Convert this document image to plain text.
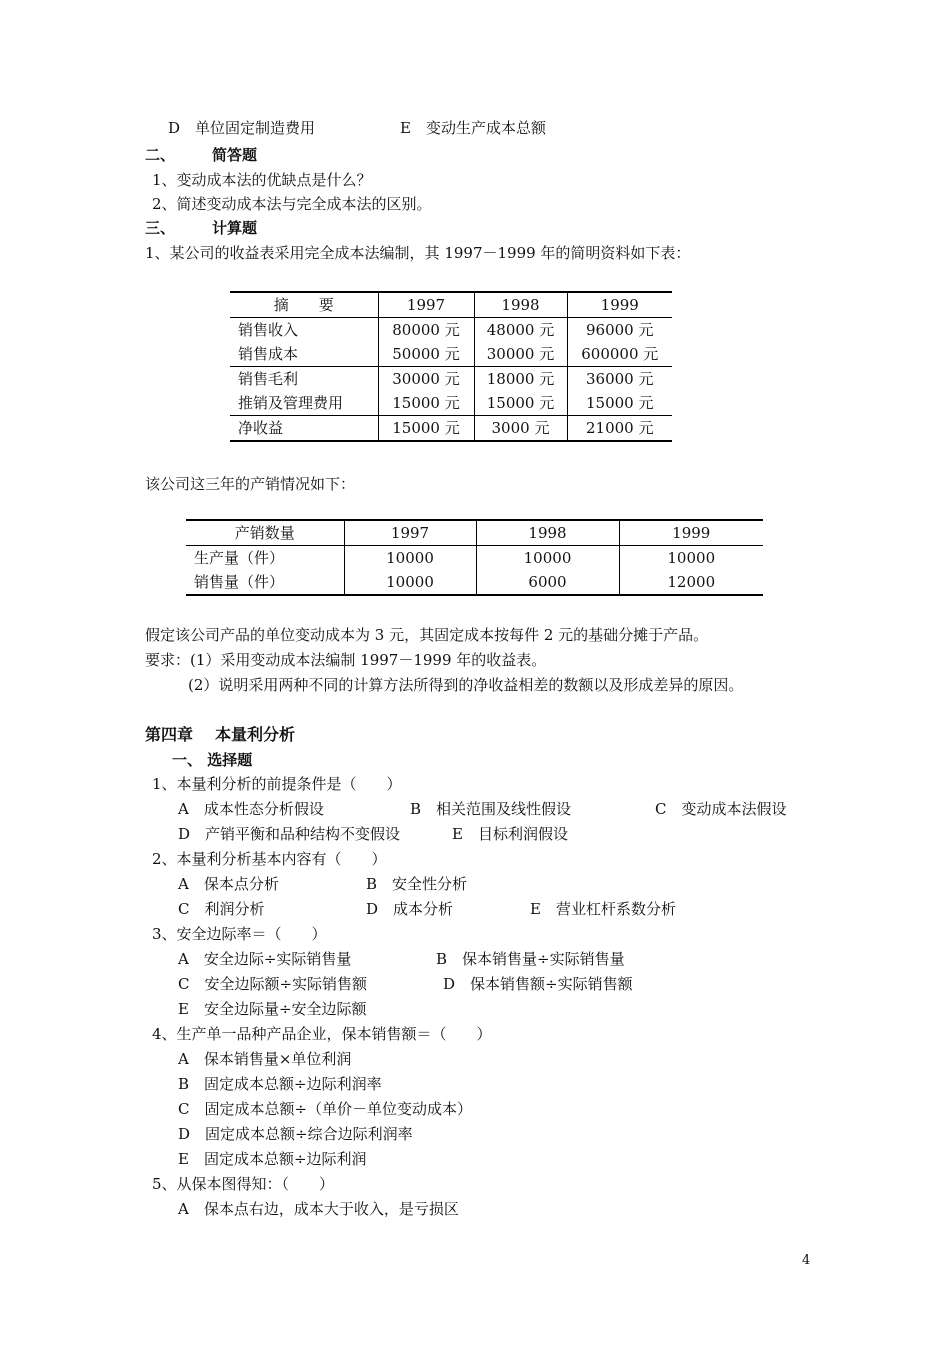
D　单位固定制造费用	E　变动生产成本总额
二、 简答题
1、变动成本法的优缺点是什么？
2、简述变动成本法与完全成本法的区别。
三、 计算题
1、某公司的收益表采用完全成本法编制，其 1997－1999 年的简明资料如下表：
摘　　要	1997	1998	1999
销售收入	80000 元	48000 元	96000 元
销售成本	50000 元	30000 元	600000 元
销售毛利	30000 元	18000 元	36000 元
推销及管理费用	15000 元	15000 元	15000 元
净收益	15000 元	3000 元	21000 元
该公司这三年的产销情况如下：
产销数量	1997	1998	1999
生产量（件）	10000	10000	10000
销售量（件）	10000	6000	12000
假定该公司产品的单位变动成本为 3 元，其固定成本按每件 2 元的基础分摊于产品。
要求：(1）采用变动成本法编制 1997－1999 年的收益表。
(2）说明采用两种不同的计算方法所得到的净收益相差的数额以及形成差异的原因。
第四章 本量利分析
一、 选择题
1、本量利分析的前提条件是（　　）
A　成本性态分析假设	B　相关范围及线性假设	C　变动成本法假设
D　产销平衡和品种结构不变假设	E　目标利润假设
2、本量利分析基本内容有（　　）
A　保本点分析	B　安全性分析
C　利润分析	D　成本分析	E　营业杠杆系数分析
3、安全边际率＝（　　）
A　安全边际÷实际销售量	B　保本销售量÷实际销售量
C　安全边际额÷实际销售额	D　保本销售额÷实际销售额
E　安全边际量÷安全边际额
4、生产单一品种产品企业，保本销售额＝（　　）
A　保本销售量×单位利润
B　固定成本总额÷边际利润率
C　固定成本总额÷（单价－单位变动成本）
D　固定成本总额÷综合边际利润率
E　固定成本总额÷边际利润
5、从保本图得知：（　　）
A　保本点右边，成本大于收入，是亏损区
4
